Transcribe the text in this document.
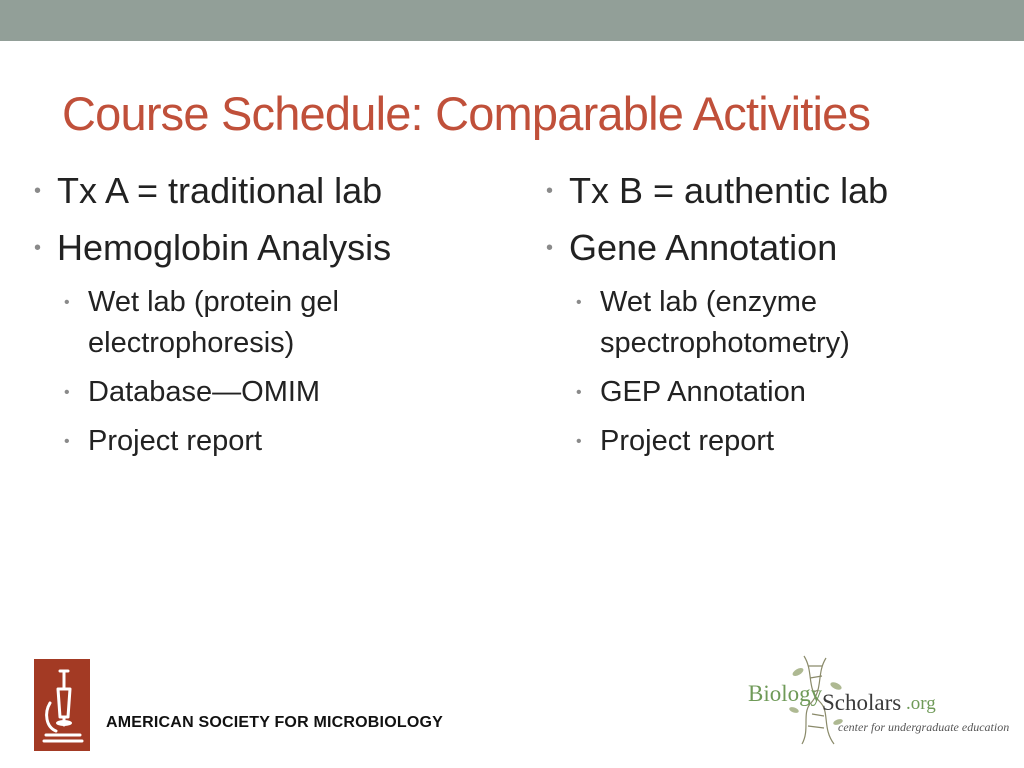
Course Schedule: Comparable Activities
• Tx A = traditional lab
• Hemoglobin Analysis
• Wet lab (protein gel electrophoresis)
• Database—OMIM
• Project report
• Tx B = authentic lab
• Gene Annotation
• Wet lab (enzyme spectrophotometry)
• GEP Annotation
• Project report
AMERICAN SOCIETY FOR MICROBIOLOGY
Biology Scholars .org
center for undergraduate education
